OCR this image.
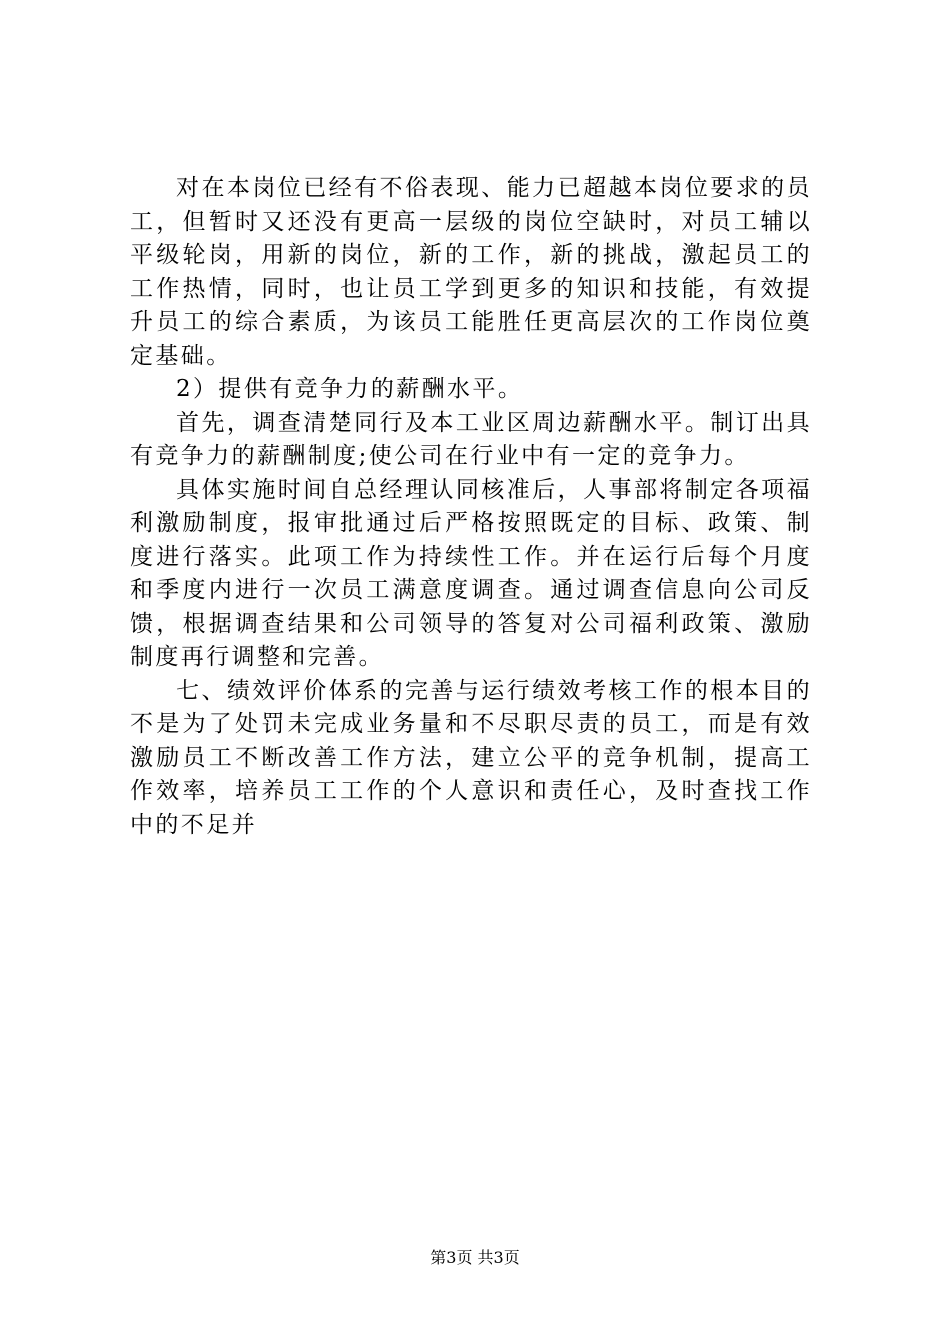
对在本岗位已经有不俗表现、能力已超越本岗位要求的员工，但暂时又还没有更高一层级的岗位空缺时，对员工辅以平级轮岗，用新的岗位，新的工作，新的挑战，激起员工的工作热情，同时，也让员工学到更多的知识和技能，有效提升员工的综合素质，为该员工能胜任更高层次的工作岗位奠定基础。

2）提供有竞争力的薪酬水平。

首先，调查清楚同行及本工业区周边薪酬水平。制订出具有竞争力的薪酬制度;使公司在行业中有一定的竞争力。

具体实施时间自总经理认同核准后，人事部将制定各项福利激励制度，报审批通过后严格按照既定的目标、政策、制度进行落实。此项工作为持续性工作。并在运行后每个月度和季度内进行一次员工满意度调查。通过调查信息向公司反馈，根据调查结果和公司领导的答复对公司福利政策、激励制度再行调整和完善。

七、绩效评价体系的完善与运行绩效考核工作的根本目的不是为了处罚未完成业务量和不尽职尽责的员工，而是有效激励员工不断改善工作方法，建立公平的竞争机制，提高工作效率，培养员工工作的个人意识和责任心，及时查找工作中的不足并

第3页 共3页
